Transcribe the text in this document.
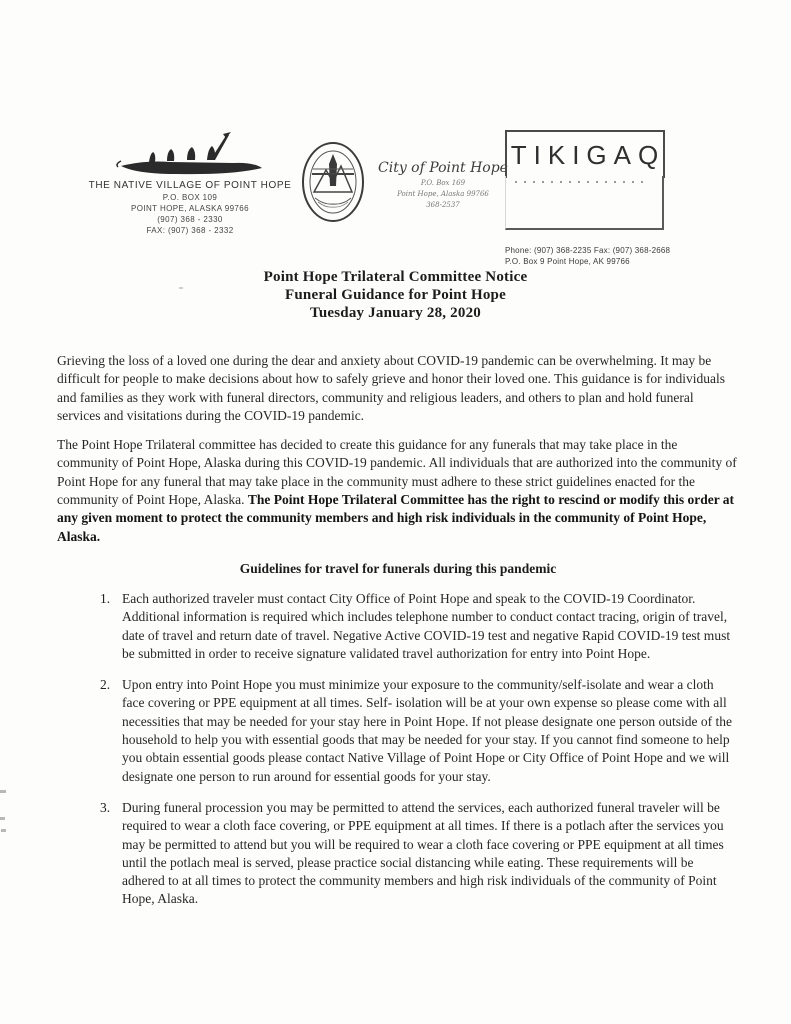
THE NATIVE VILLAGE OF POINT HOPE
P.O. BOX 109
POINT HOPE, ALASKA 99766
(907) 368 - 2330
FAX: (907) 368 - 2332
City of Point Hope
P.O. Box 169
Point Hope, Alaska 99766
368-2537
TIKIGAQ
Phone: (907) 368-2235 Fax: (907) 368-2668
P.O. Box 9 Point Hope, AK 99766
Point Hope Trilateral Committee Notice
Funeral Guidance for Point Hope
Tuesday January 28, 2020
Grieving the loss of a loved one during the dear and anxiety about COVID-19 pandemic can be overwhelming. It may be difficult for people to make decisions about how to safely grieve and honor their loved one. This guidance is for individuals and families as they work with funeral directors, community and religious leaders, and others to plan and hold funeral services and visitations during the COVID-19 pandemic.
The Point Hope Trilateral committee has decided to create this guidance for any funerals that may take place in the community of Point Hope, Alaska during this COVID-19 pandemic. All individuals that are authorized into the community of Point Hope for any funeral that may take place in the community must adhere to these strict guidelines enacted for the community of Point Hope, Alaska. The Point Hope Trilateral Committee has the right to rescind or modify this order at any given moment to protect the community members and high risk individuals in the community of Point Hope, Alaska.
Guidelines for travel for funerals during this pandemic
1. Each authorized traveler must contact City Office of Point Hope and speak to the COVID-19 Coordinator. Additional information is required which includes telephone number to conduct contact tracing, origin of travel, date of travel and return date of travel. Negative Active COVID-19 test and negative Rapid COVID-19 test must be submitted in order to receive signature validated travel authorization for entry into Point Hope.
2. Upon entry into Point Hope you must minimize your exposure to the community/self-isolate and wear a cloth face covering or PPE equipment at all times. Self- isolation will be at your own expense so please come with all necessities that may be needed for your stay here in Point Hope. If not please designate one person outside of the household to help you with essential goods that may be needed for your stay. If you cannot find someone to help you obtain essential goods please contact Native Village of Point Hope or City Office of Point Hope and we will designate one person to run around for essential goods for your stay.
3. During funeral procession you may be permitted to attend the services, each authorized funeral traveler will be required to wear a cloth face covering, or PPE equipment at all times. If there is a potlach after the services you may be permitted to attend but you will be required to wear a cloth face covering or PPE equipment at all times until the potlach meal is served, please practice social distancing while eating. These requirements will be adhered to at all times to protect the community members and high risk individuals of the community of Point Hope, Alaska.
